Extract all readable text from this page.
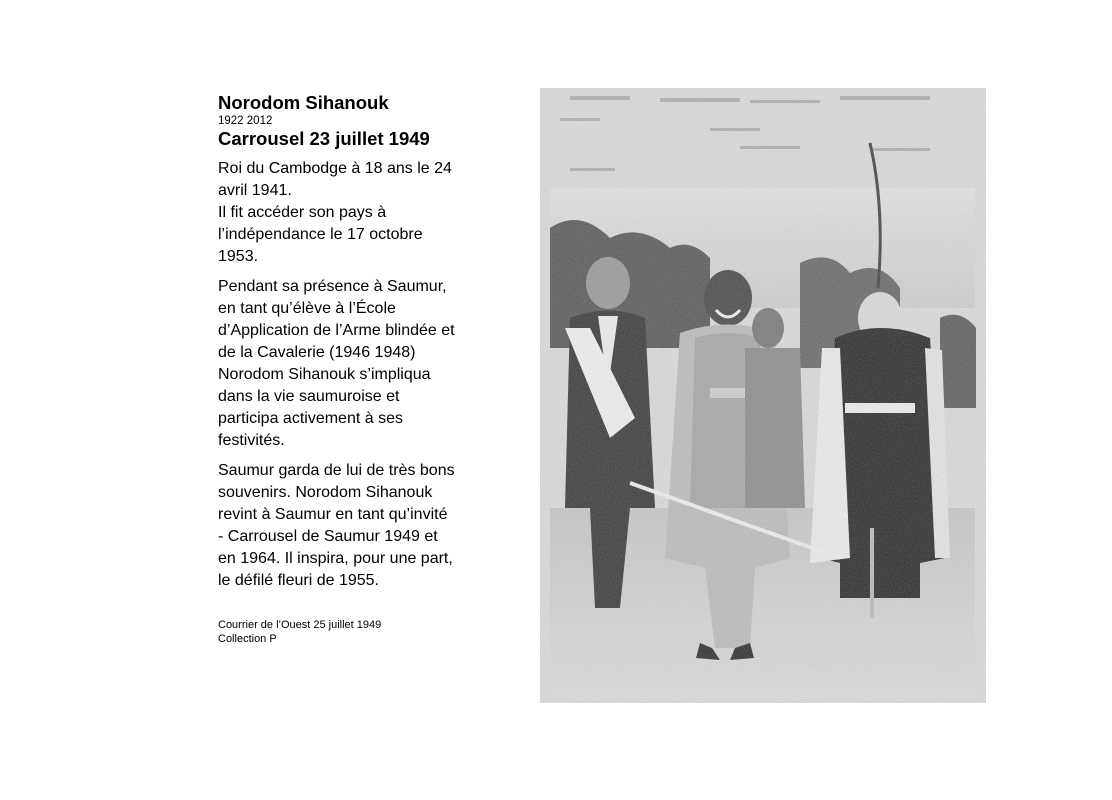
Norodom Sihanouk

1922 2012

Carrousel 23 juillet 1949

Roi du Cambodge à 18 ans le 24
avril 1941.
Il fit accéder son pays à
l’indépendance le 17 octobre
1953.

Pendant sa présence à Saumur,
en tant qu’élève à l’École
d’Application de l’Arme blindée et
de la Cavalerie (1946 1948)
Norodom Sihanouk s’impliqua
dans la vie saumuroise et
participa activement à ses
festivités.

Saumur garda de lui de très bons
souvenirs. Norodom Sihanouk
revint à Saumur en tant qu’invité
- Carrousel de Saumur 1949 et
en 1964. Il inspira, pour une part,
le défilé fleuri de 1955.

Courrier de l’Ouest 25 juillet 1949

Collection P
